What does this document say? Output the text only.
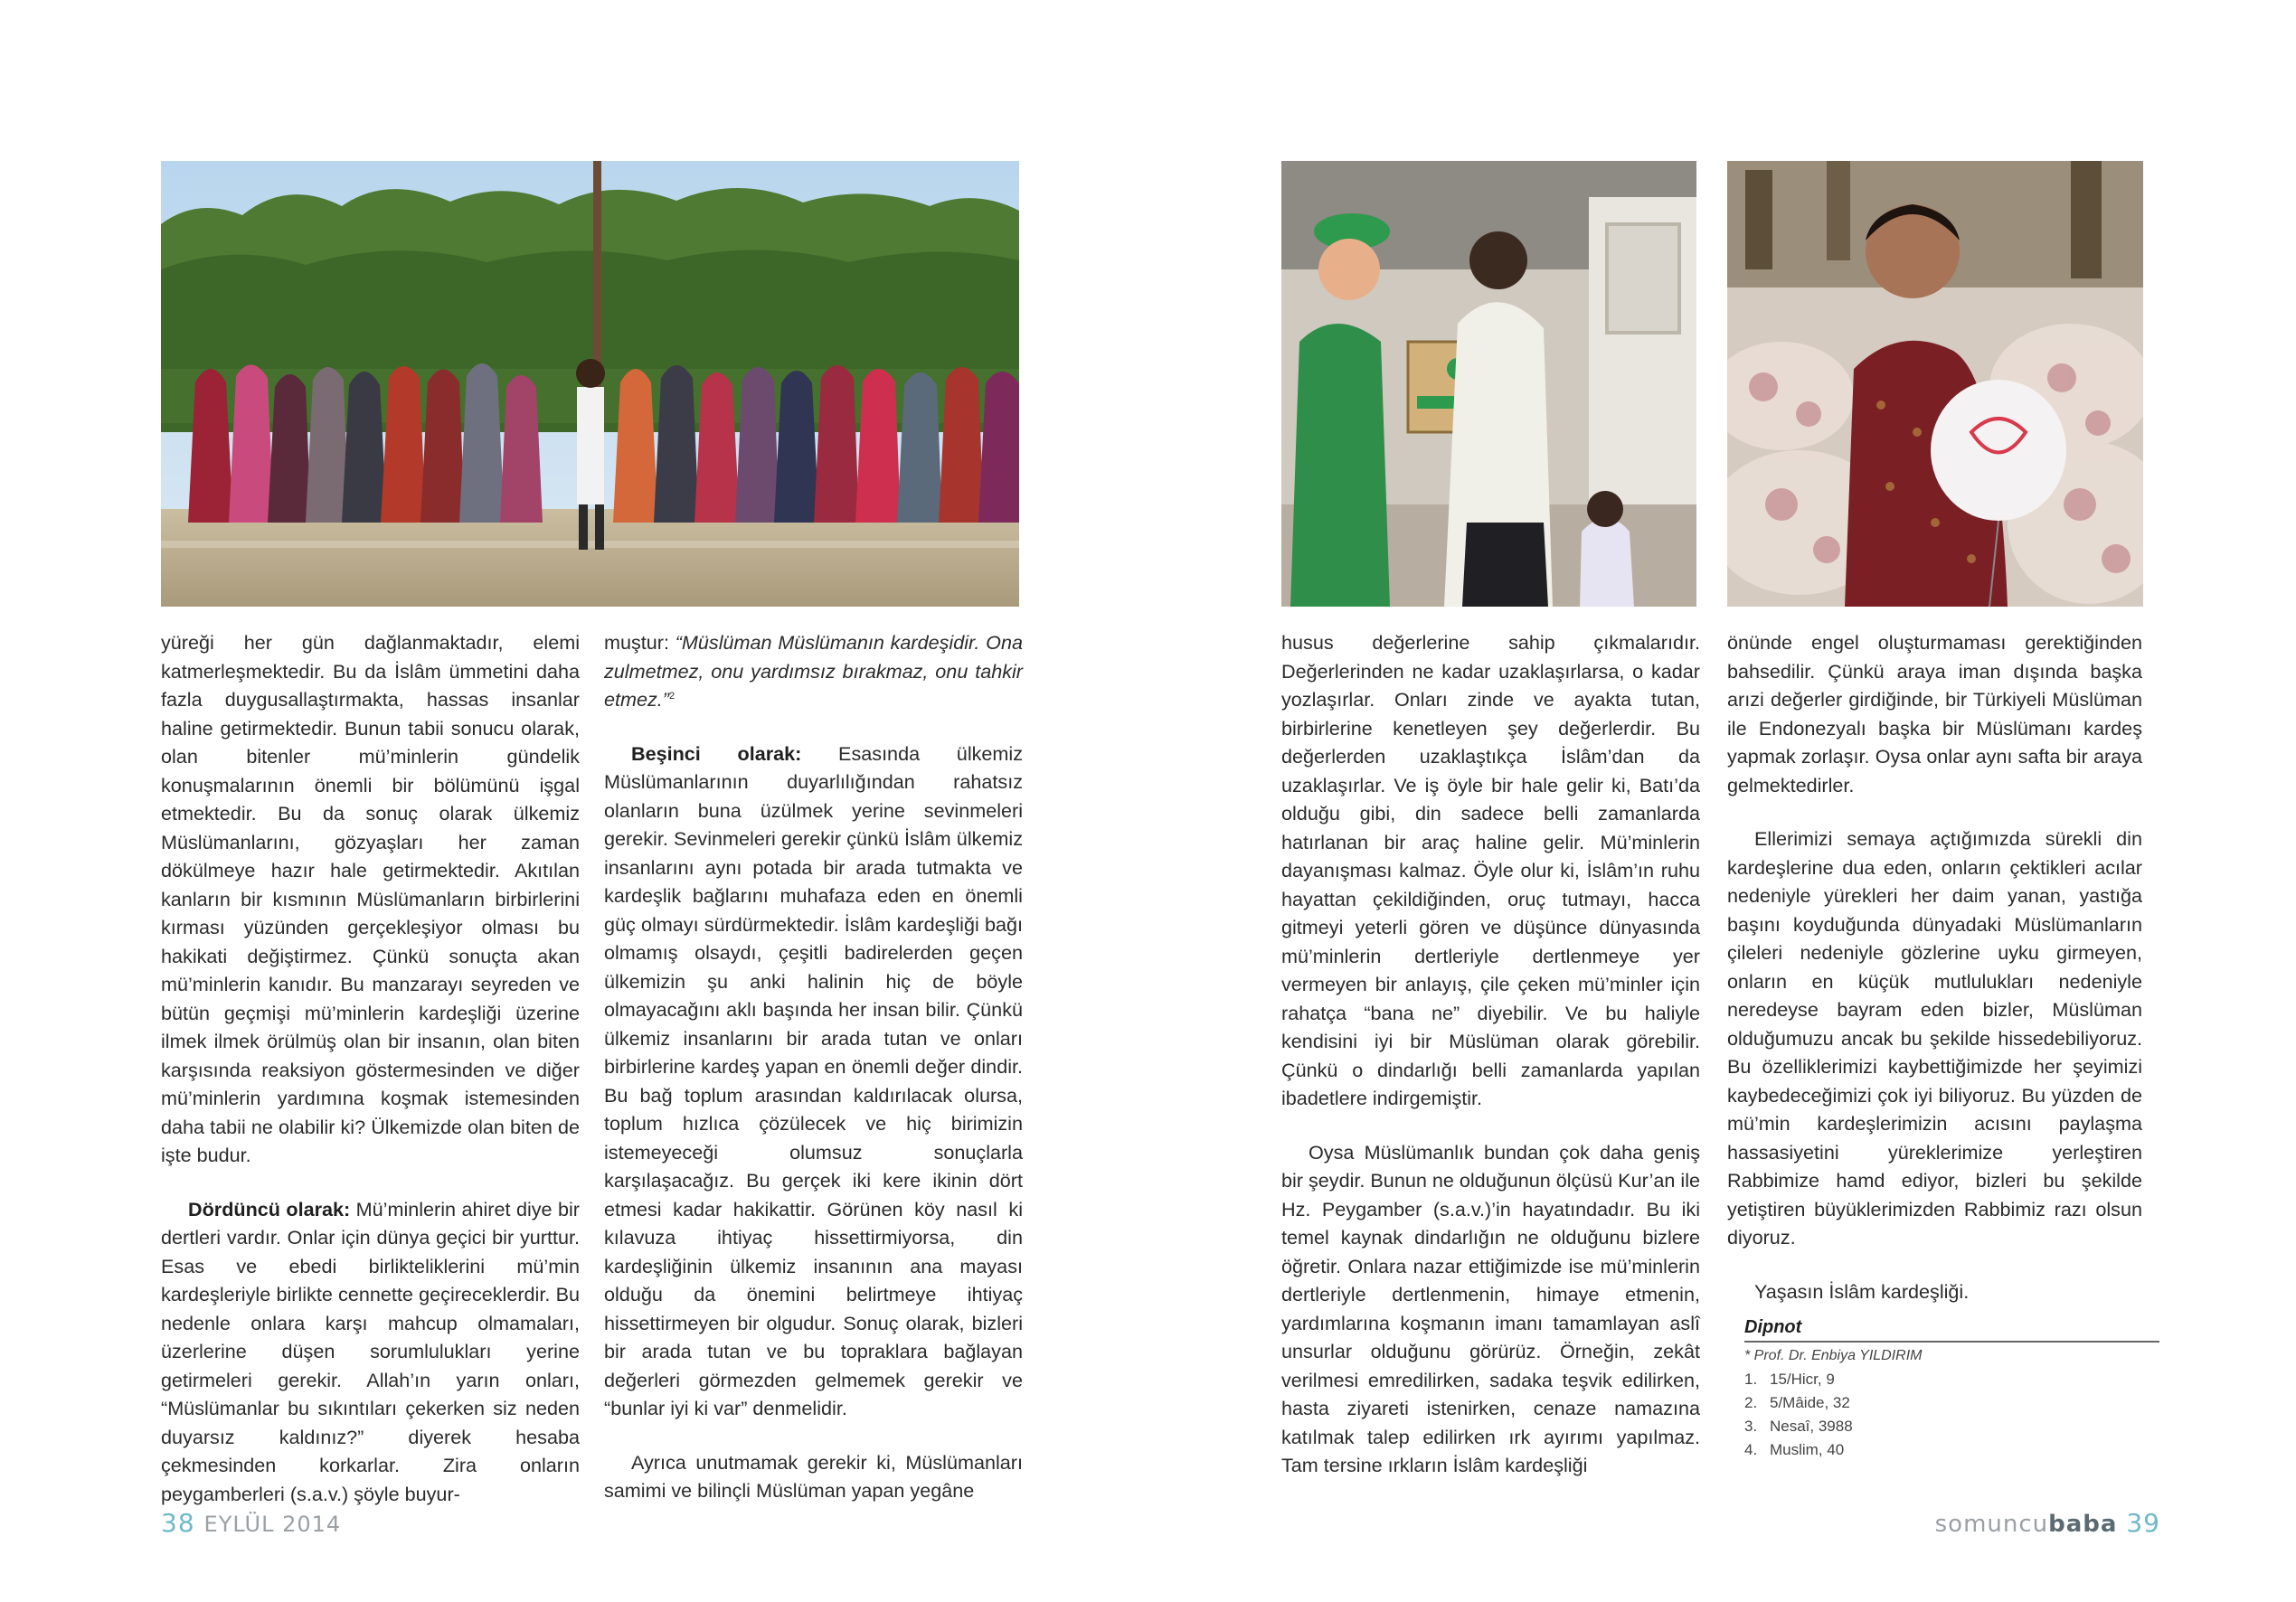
yüreği her gün dağlanmaktadır, elemi katmerleşmektedir. Bu da İslâm ümmetini daha fazla duygusallaştırmakta, hassas insanlar haline getirmektedir. Bunun tabii sonucu olarak, olan bitenler mü’minlerin gündelik konuşmalarının önemli bir bölümünü işgal etmektedir. Bu da sonuç olarak ülkemiz Müslümanlarını, gözyaşları her zaman dökülmeye hazır hale getirmektedir. Akıtılan kanların bir kısmının Müslümanların birbirlerini kırması yüzünden gerçekleşiyor olması bu hakikati değiştirmez. Çünkü sonuçta akan mü’minlerin kanıdır. Bu manzarayı seyreden ve bütün geçmişi mü’minlerin kardeşliği üzerine ilmek ilmek örülmüş olan bir insanın, olan biten karşısında reaksiyon göstermesinden ve diğer mü’minlerin yardımına koşmak istemesinden daha tabii ne olabilir ki? Ülkemizde olan biten de işte budur.

Dördüncü olarak: Mü’minlerin ahiret diye bir dertleri vardır. Onlar için dünya geçici bir yurttur. Esas ve ebedi birlikteliklerini mü’min kardeşleriyle birlikte cennette geçireceklerdir. Bu nedenle onlara karşı mahcup olmamaları, üzerlerine düşen sorumlulukları yerine getirmeleri gerekir. Allah’ın yarın onları, “Müslümanlar bu sıkıntıları çekerken siz neden duyarsız kaldınız?” diyerek hesaba çekmesinden korkarlar. Zira onların peygamberleri (s.a.v.) şöyle buyur-

muştur: “Müslüman Müslümanın kardeşidir. Ona zulmetmez, onu yardımsız bırakmaz, onu tahkir etmez.”$^2$

Beşinci olarak: Esasında ülkemiz Müslümanlarının duyarlılığından rahatsız olanların buna üzülmek yerine sevinmeleri gerekir. Sevinmeleri gerekir çünkü İslâm ülkemiz insanlarını aynı potada bir arada tutmakta ve kardeşlik bağlarını muhafaza eden en önemli güç olmayı sürdürmektedir. İslâm kardeşliği bağı olmamış olsaydı, çeşitli badirelerden geçen ülkemizin şu anki halinin hiç de böyle olmayacağını aklı başında her insan bilir. Çünkü ülkemiz insanlarını bir arada tutan ve onları birbirlerine kardeş yapan en önemli değer dindir. Bu bağ toplum arasından kaldırılacak olursa, toplum hızlıca çözülecek ve hiç birimizin istemeyeceği olumsuz sonuçlarla karşılaşacağız. Bu gerçek iki kere ikinin dört etmesi kadar hakikattir. Görünen köy nasıl ki kılavuza ihtiyaç hissettirmiyorsa, din kardeşliğinin ülkemiz insanının ana mayası olduğu da önemini belirtmeye ihtiyaç hissettirmeyen bir olgudur. Sonuç olarak, bizleri bir arada tutan ve bu topraklara bağlayan değerleri görmezden gelmemek gerekir ve “bunlar iyi ki var” denmelidir.

Ayrıca unutmamak gerekir ki, Müslümanları samimi ve bilinçli Müslüman yapan yegâne

38 EYLÜL 2014

husus değerlerine sahip çıkmalarıdır. Değerlerinden ne kadar uzaklaşırlarsa, o kadar yozlaşırlar. Onları zinde ve ayakta tutan, birbirlerine kenetleyen şey değerlerdir. Bu değerlerden uzaklaştıkça İslâm’dan da uzaklaşırlar. Ve iş öyle bir hale gelir ki, Batı’da olduğu gibi, din sadece belli zamanlarda hatırlanan bir araç haline gelir. Mü’minlerin dayanışması kalmaz. Öyle olur ki, İslâm’ın ruhu hayattan çekildiğinden, oruç tutmayı, hacca gitmeyi yeterli gören ve düşünce dünyasında mü’minlerin dertleriyle dertlenmeye yer vermeyen bir anlayış, çile çeken mü’minler için rahatça “bana ne” diyebilir. Ve bu haliyle kendisini iyi bir Müslüman olarak görebilir. Çünkü o dindarlığı belli zamanlarda yapılan ibadetlere indirgemiştir.

Oysa Müslümanlık bundan çok daha geniş bir şeydir. Bunun ne olduğunun ölçüsü Kur’an ile Hz. Peygamber (s.a.v.)’in hayatındadır. Bu iki temel kaynak dindarlığın ne olduğunu bizlere öğretir. Onlara nazar ettiğimizde ise mü’minlerin dertleriyle dertlenmenin, himaye etmenin, yardımlarına koşmanın imanı tamamlayan aslî unsurlar olduğunu görürüz. Örneğin, zekât verilmesi emredilirken, sadaka teşvik edilirken, hasta ziyareti istenirken, cenaze namazına katılmak talep edilirken ırk ayırımı yapılmaz. Tam tersine ırkların İslâm kardeşliği

önünde engel oluşturmaması gerektiğinden bahsedilir. Çünkü araya iman dışında başka arızi değerler girdiğinde, bir Türkiyeli Müslüman ile Endonezyalı başka bir Müslümanı kardeş yapmak zorlaşır. Oysa onlar aynı safta bir araya gelmektedirler.

Ellerimizi semaya açtığımızda sürekli din kardeşlerine dua eden, onların çektikleri acılar nedeniyle yürekleri her daim yanan, yastığa başını koyduğunda dünyadaki Müslümanların çileleri nedeniyle gözlerine uyku girmeyen, onların en küçük mutlulukları nedeniyle neredeyse bayram eden bizler, Müslüman olduğumuzu ancak bu şekilde hissedebiliyoruz. Bu özelliklerimizi kaybettiğimizde her şeyimizi kaybedeceğimizi çok iyi biliyoruz. Bu yüzden de mü’min kardeşlerimizin acısını paylaşma hassasiyetini yüreklerimize yerleştiren Rabbimize hamd ediyor, bizleri bu şekilde yetiştiren büyüklerimizden Rabbimiz razı olsun diyoruz.

Yaşasın İslâm kardeşliği.

Dipnot
* Prof. Dr. Enbiya YILDIRIM
1. 15/Hicr, 9
2. 5/Mâide, 32
3. Nesaî, 3988
4. Muslim, 40
somuncubaba 39
